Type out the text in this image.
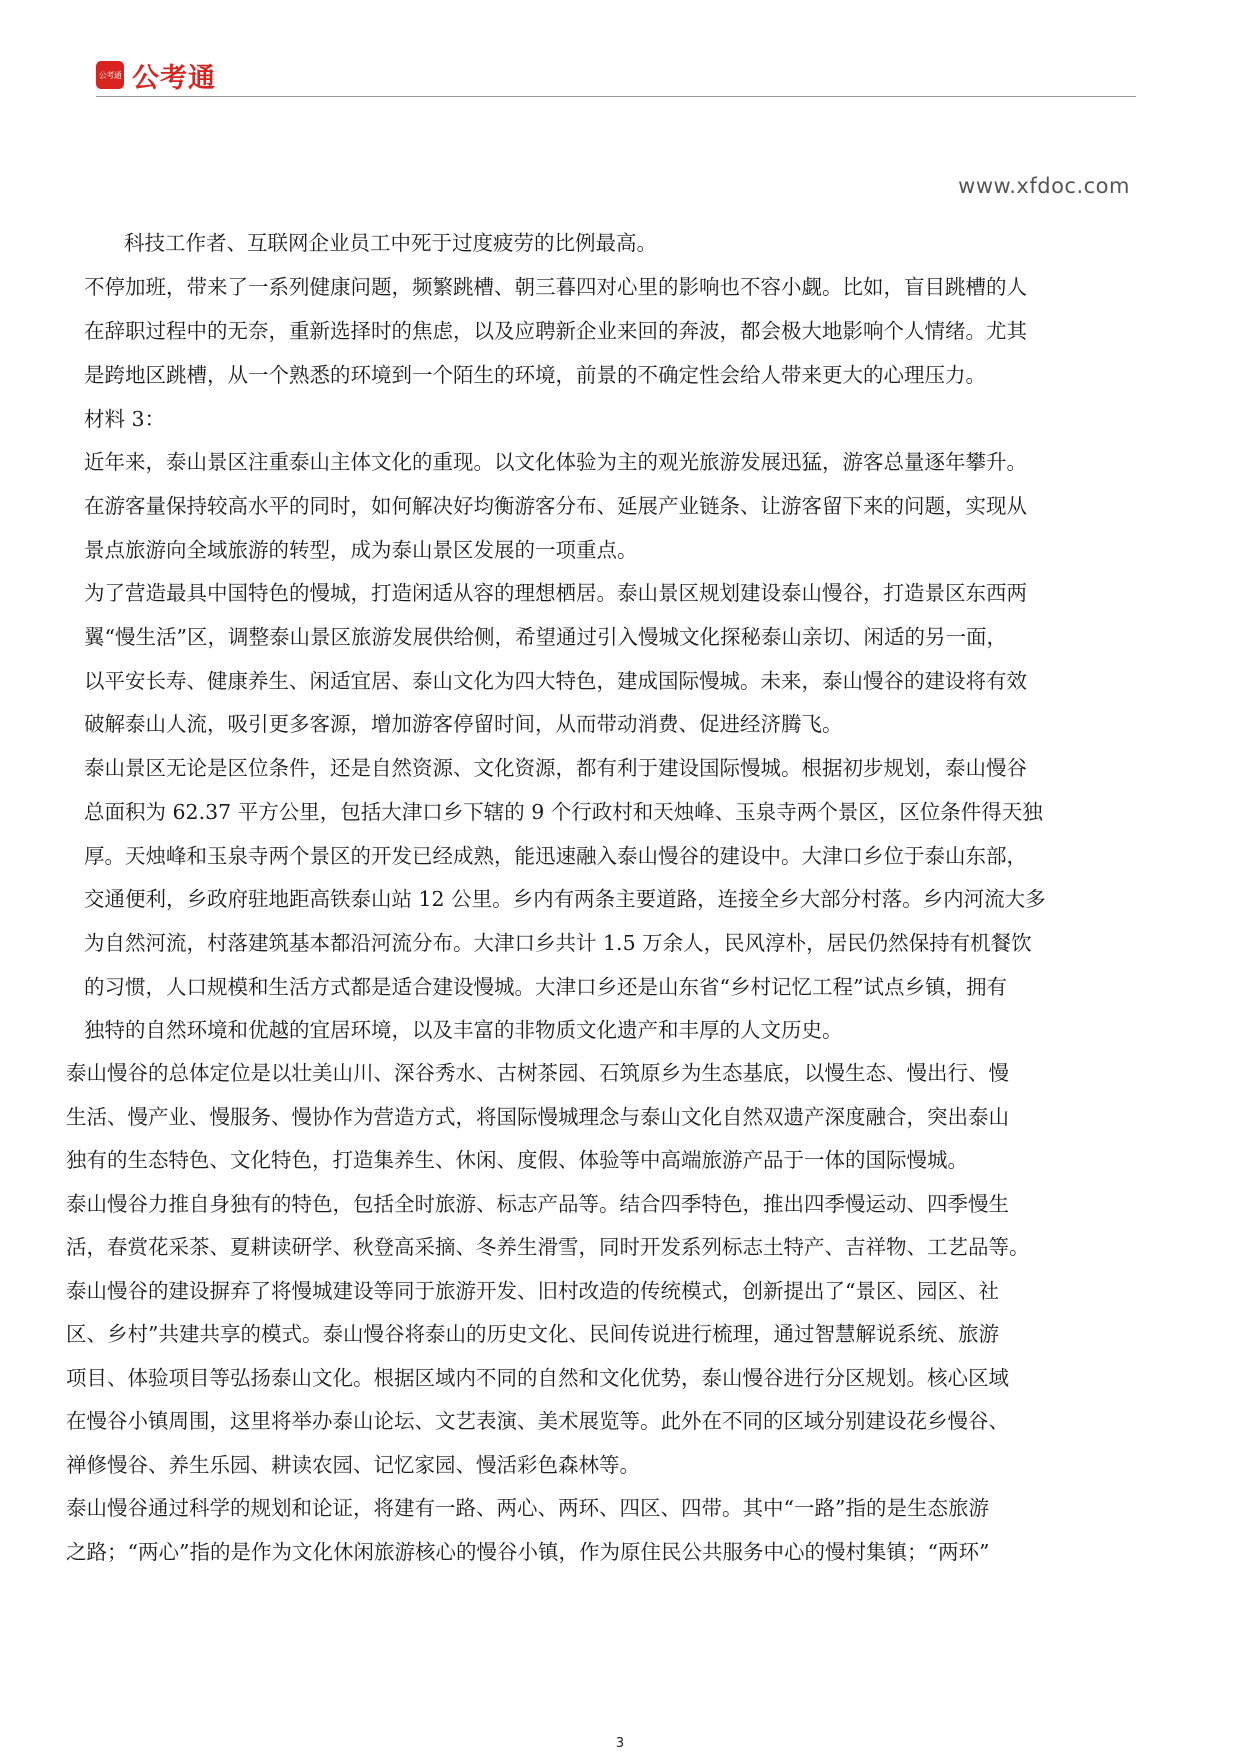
公考通 公考通
www.xfdoc.com
科技工作者、互联网企业员工中死于过度疲劳的比例最高。
不停加班，带来了一系列健康问题，频繁跳槽、朝三暮四对心里的影响也不容小觑。比如，盲目跳槽的人
在辞职过程中的无奈，重新选择时的焦虑，以及应聘新企业来回的奔波，都会极大地影响个人情绪。尤其
是跨地区跳槽，从一个熟悉的环境到一个陌生的环境，前景的不确定性会给人带来更大的心理压力。
材料 3：
近年来，泰山景区注重泰山主体文化的重现。以文化体验为主的观光旅游发展迅猛，游客总量逐年攀升。
在游客量保持较高水平的同时，如何解决好均衡游客分布、延展产业链条、让游客留下来的问题，实现从
景点旅游向全域旅游的转型，成为泰山景区发展的一项重点。
为了营造最具中国特色的慢城，打造闲适从容的理想栖居。泰山景区规划建设泰山慢谷，打造景区东西两
翼“慢生活”区，调整泰山景区旅游发展供给侧，希望通过引入慢城文化探秘泰山亲切、闲适的另一面，
以平安长寿、健康养生、闲适宜居、泰山文化为四大特色，建成国际慢城。未来，泰山慢谷的建设将有效
破解泰山人流，吸引更多客源，增加游客停留时间，从而带动消费、促进经济腾飞。
泰山景区无论是区位条件，还是自然资源、文化资源，都有利于建设国际慢城。根据初步规划，泰山慢谷
总面积为 62.37 平方公里，包括大津口乡下辖的 9 个行政村和天烛峰、玉泉寺两个景区，区位条件得天独
厚。天烛峰和玉泉寺两个景区的开发已经成熟，能迅速融入泰山慢谷的建设中。大津口乡位于泰山东部，
交通便利，乡政府驻地距高铁泰山站 12 公里。乡内有两条主要道路，连接全乡大部分村落。乡内河流大多
为自然河流，村落建筑基本都沿河流分布。大津口乡共计 1.5 万余人，民风淳朴，居民仍然保持有机餐饮
的习惯，人口规模和生活方式都是适合建设慢城。大津口乡还是山东省“乡村记忆工程”试点乡镇，拥有
独特的自然环境和优越的宜居环境，以及丰富的非物质文化遗产和丰厚的人文历史。
泰山慢谷的总体定位是以壮美山川、深谷秀水、古树茶园、石筑原乡为生态基底，以慢生态、慢出行、慢
生活、慢产业、慢服务、慢协作为营造方式，将国际慢城理念与泰山文化自然双遗产深度融合，突出泰山
独有的生态特色、文化特色，打造集养生、休闲、度假、体验等中高端旅游产品于一体的国际慢城。
泰山慢谷力推自身独有的特色，包括全时旅游、标志产品等。结合四季特色，推出四季慢运动、四季慢生
活，春赏花采茶、夏耕读研学、秋登高采摘、冬养生滑雪，同时开发系列标志土特产、吉祥物、工艺品等。
泰山慢谷的建设摒弃了将慢城建设等同于旅游开发、旧村改造的传统模式，创新提出了“景区、园区、社
区、乡村”共建共享的模式。泰山慢谷将泰山的历史文化、民间传说进行梳理，通过智慧解说系统、旅游
项目、体验项目等弘扬泰山文化。根据区域内不同的自然和文化优势，泰山慢谷进行分区规划。核心区域
在慢谷小镇周围，这里将举办泰山论坛、文艺表演、美术展览等。此外在不同的区域分别建设花乡慢谷、
禅修慢谷、养生乐园、耕读农园、记忆家园、慢活彩色森林等。
泰山慢谷通过科学的规划和论证，将建有一路、两心、两环、四区、四带。其中“一路”指的是生态旅游
之路；“两心”指的是作为文化休闲旅游核心的慢谷小镇，作为原住民公共服务中心的慢村集镇；“两环”
3
